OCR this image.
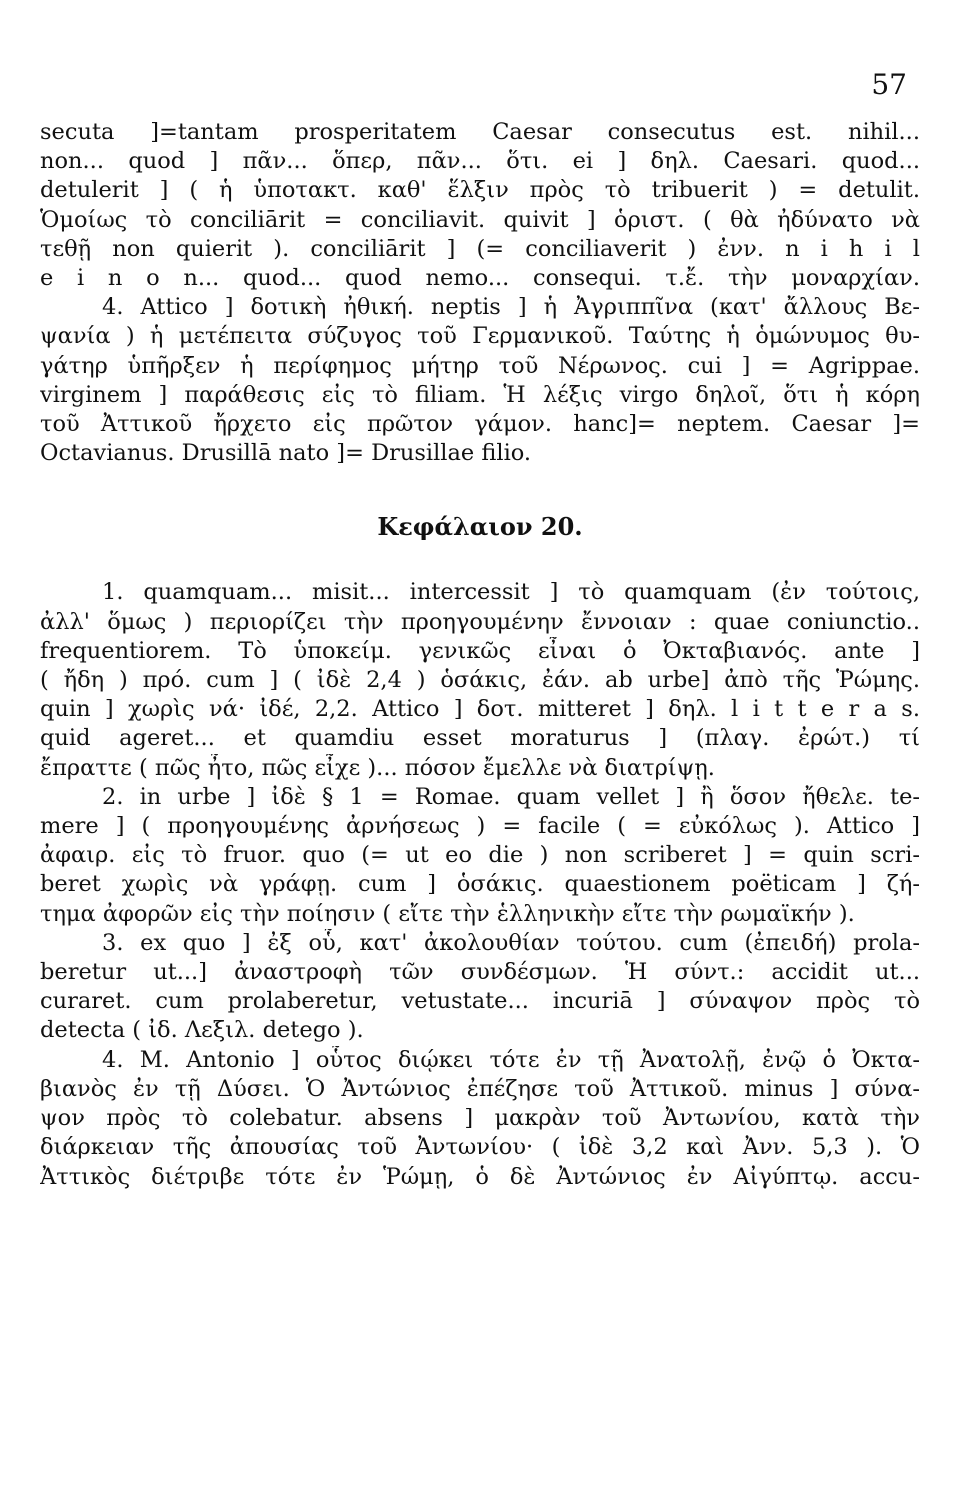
57
secuta ]=tantam prosperitatem Caesar consecutus est. nihil...
non... quod ] πᾶν... ὅπερ, πᾶν... ὅτι. ei ] δηλ. Caesari. quod...
detulerit ] ( ἡ ὑποτακτ. καθ' ἕλξιν πρὸς τὸ tribuerit ) = detulit.
Ὁμοίως τὸ conciliārit = conciliavit. quivit ] ὁριστ. ( θὰ ἠδύνατο νὰ
τεθῇ non quierit ). conciliārit ] (= conciliaverit ) ἐνν. n i h i l
e i n o n... quod... quod nemo... consequi. τ.ἔ. τὴν μοναρχίαν.
4. Attico ] δοτικὴ ἠθική. neptis ] ἡ Ἀγριππῖνα (κατ' ἄλλους Βε-
ψανία ) ἡ μετέπειτα σύζυγος τοῦ Γερμανικοῦ. Ταύτης ἡ ὁμώνυμος θυ-
γάτηρ ὑπῆρξεν ἡ περίφημος μήτηρ τοῦ Νέρωνος. cui ] = Agrippae.
virginem ] παράθεσις εἰς τὸ filiam. Ἡ λέξις virgo δηλοῖ, ὅτι ἡ κόρη
τοῦ Ἀττικοῦ ἤρχετο εἰς πρῶτον γάμον. hanc]= neptem. Caesar ]=
Octavianus. Drusillā nato ]= Drusillae filio.
Κεφάλαιον 20.
1. quamquam... misit... intercessit ] τὸ quamquam (ἐν τούτοις,
ἀλλ' ὅμως ) περιορίζει τὴν προηγουμένην ἔννοιαν : quae coniunctio..
frequentiorem. Τὸ ὑποκείμ. γενικῶς εἶναι ὁ Ὀκταβιανός. ante ]
( ἤδη ) πρό. cum ] ( ἰδὲ 2,4 ) ὁσάκις, ἐάν. ab urbe] ἀπὸ τῆς Ῥώμης.
quin ] χωρὶς νά· ἰδέ, 2,2. Attico ] δοτ. mitteret ] δηλ. l i t t e r a s.
quid ageret... et quamdiu esset moraturus ] (πλαγ. ἐρώτ.) τί
ἔπραττε ( πῶς ἦτο, πῶς εἶχε )... πόσον ἔμελλε νὰ διατρίψῃ.
2. in urbe ] ἰδὲ § 1 = Romae. quam vellet ] ἢ ὅσον ἤθελε. te-
mere ] ( προηγουμένης ἀρνήσεως ) = facile ( = εὐκόλως ). Attico ]
ἀφαιρ. εἰς τὸ fruor. quo (= ut eo die ) non scriberet ] = quin scri-
beret χωρὶς νὰ γράφῃ. cum ] ὁσάκις. quaestionem poëticam ] ζή-
τημα ἀφορῶν εἰς τὴν ποίησιν ( εἴτε τὴν ἑλληνικὴν εἴτε τὴν ρωμαϊκήν ).
3. ex quo ] ἐξ οὗ, κατ' ἀκολουθίαν τούτου. cum (ἐπειδή) prola-
beretur ut...] ἀναστροφὴ τῶν συνδέσμων. Ἡ σύντ.: accidit ut...
curaret. cum prolaberetur, vetustate... incuriā ] σύναψον πρὸς τὸ
detecta ( ἰδ. Λεξιλ. detego ).
4. M. Antonio ] οὗτος διῴκει τότε ἐν τῇ Ἀνατολῇ, ἐνῷ ὁ Ὀκτα-
βιανὸς ἐν τῇ Δύσει. Ὁ Ἀντώνιος ἐπέζησε τοῦ Ἀττικοῦ. minus ] σύνα-
ψον πρὸς τὸ colebatur. absens ] μακρὰν τοῦ Ἀντωνίου, κατὰ τὴν
διάρκειαν τῆς ἀπουσίας τοῦ Ἀντωνίου· ( ἰδὲ 3,2 καὶ Ἀνν. 5,3 ). Ὁ
Ἀττικὸς διέτριβε τότε ἐν Ῥώμῃ, ὁ δὲ Ἀντώνιος ἐν Αἰγύπτῳ. accu-
